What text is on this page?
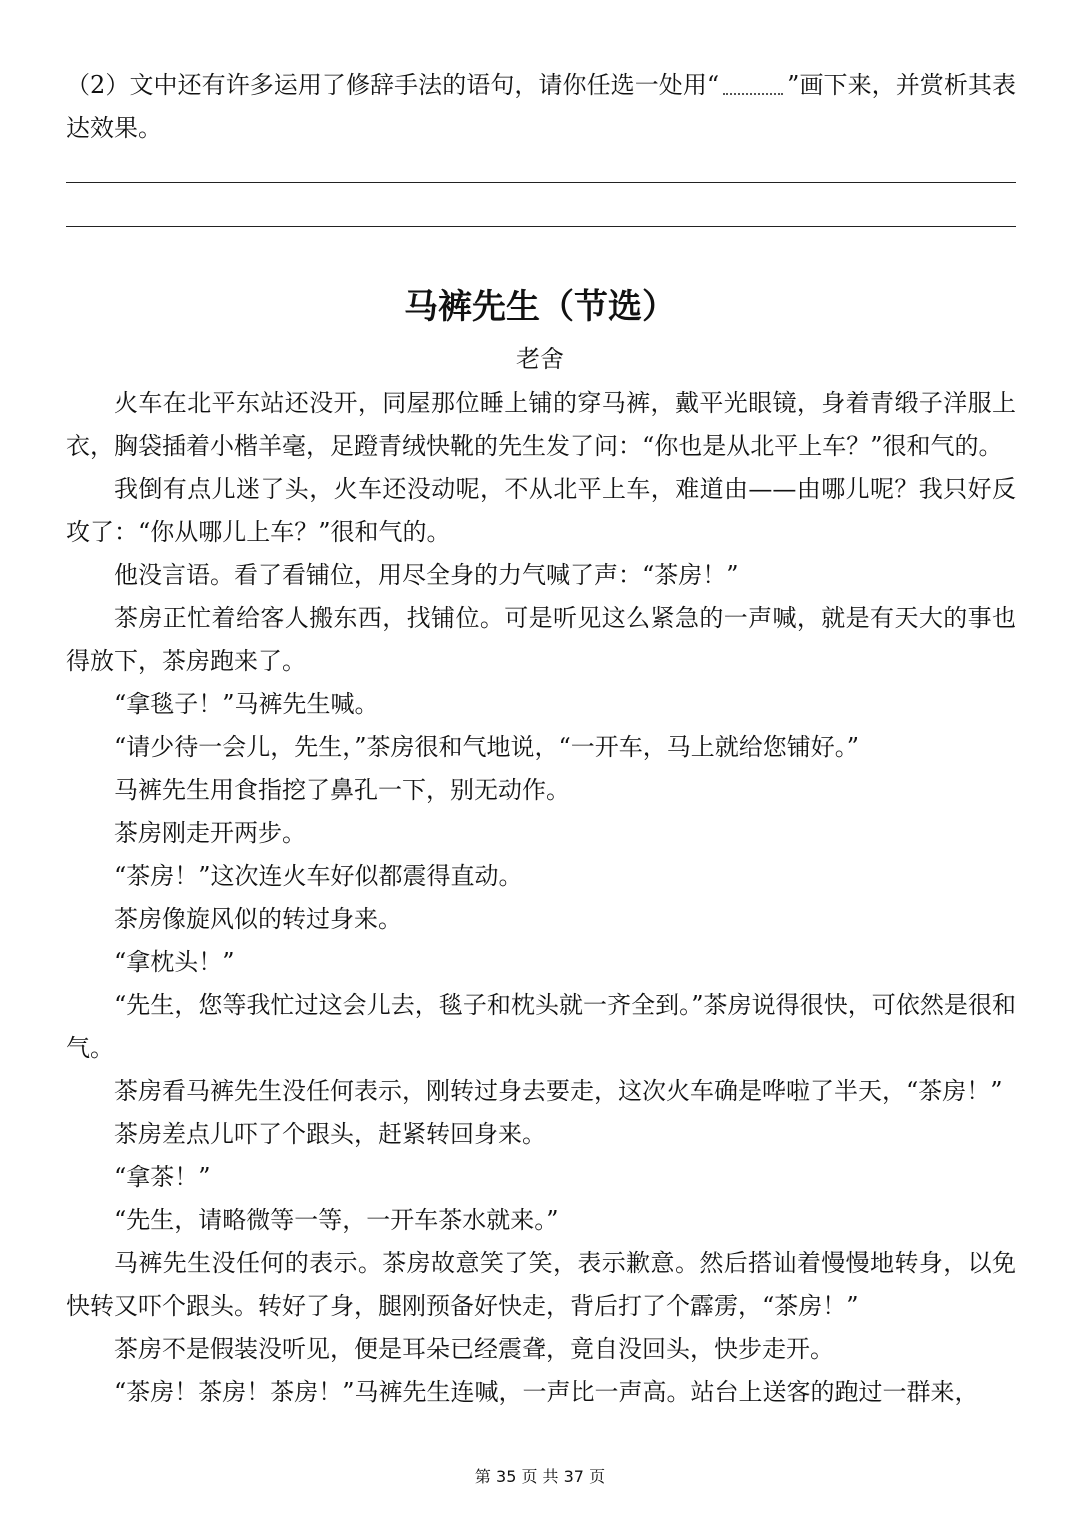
（2）文中还有许多运用了修辞手法的语句，请你任选一处用“	”画下来，并赏析其表达效果。
马裤先生（节选）
老舍

火车在北平东站还没开，同屋那位睡上铺的穿马裤，戴平光眼镜，身着青缎子洋服上衣，胸袋插着小楷羊毫，足蹬青绒快靴的先生发了问：“你也是从北平上车？”很和气的。

我倒有点儿迷了头，火车还没动呢，不从北平上车，难道由——由哪儿呢？我只好反攻了：“你从哪儿上车？”很和气的。

他没言语。看了看铺位，用尽全身的力气喊了声：“茶房！”

茶房正忙着给客人搬东西，找铺位。可是听见这么紧急的一声喊，就是有天大的事也得放下，茶房跑来了。

“拿毯子！”马裤先生喊。

“请少待一会儿，先生，”茶房很和气地说，“一开车，马上就给您铺好。”

马裤先生用食指挖了鼻孔一下，别无动作。

茶房刚走开两步。

“茶房！”这次连火车好似都震得直动。

茶房像旋风似的转过身来。

“拿枕头！”

“先生，您等我忙过这会儿去，毯子和枕头就一齐全到。”茶房说得很快，可依然是很和气。

茶房看马裤先生没任何表示，刚转过身去要走，这次火车确是哗啦了半天，“茶房！”

茶房差点儿吓了个跟头，赶紧转回身来。

“拿茶！”

“先生，请略微等一等，一开车茶水就来。”

马裤先生没任何的表示。茶房故意笑了笑，表示歉意。然后搭讪着慢慢地转身，以免快转又吓个跟头。转好了身，腿刚预备好快走，背后打了个霹雳，“茶房！”

茶房不是假装没听见，便是耳朵已经震聋，竟自没回头，快步走开。

“茶房！茶房！茶房！”马裤先生连喊，一声比一声高。站台上送客的跑过一群来，

第 35 页 共 37 页
